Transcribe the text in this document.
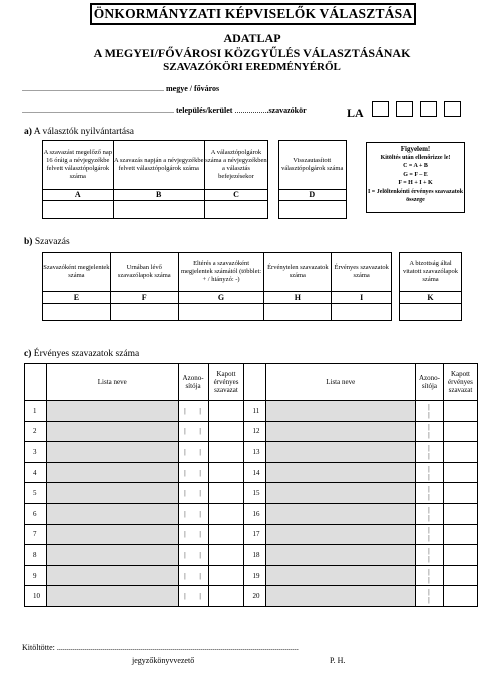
ÖNKORMÁNYZATI KÉPVISELŐK VÁLASZTÁSA
ADATLAP
A MEGYEI/FŐVÁROSI KÖZGYŰLÉS VÁLASZTÁSÁNAK
SZAVAZÓKÖRI EREDMÉNYÉRŐL
....................................................................... megye / főváros
............................................................................ település/kerület .................szavazókör	LA
a) A választók nyilvántartása
A szavazást megelőző nap 16 óráig a névjegyzékbe felvett választópolgárok száma	A szavazás napján a névjegyzékbe felvett választópolgárok száma	A választópolgárok száma a névjegyzékben a választás befejezésekor		Visszautasított választópolgárok száma
A	B	C		D

Figyelem!
Kitöltés után ellenőrizze le!
C = A + B
G = F – E
F = H + I + K
I = Jelöltenkénti érvényes szavazatok összege
b) Szavazás
Szavazóként megjelentek száma	Urnában lévő szavazólapok száma	Eltérés a szavazóként megjelentek számától (többlet: + / hiányzó: -)	Érvénytelen szavazatok száma	Érvényes szavazatok száma		A bizottság által vitatott szavazólapok száma
E	F	G	H	I		K

c) Érvényes szavazatok száma
	Lista neve	Azono-sítója	Kapott érvényes szavazat		Lista neve	Azono-sítója	Kapott érvényes szavazat
1		| |		11		| |	
2		| |		12		| |	
3		| |		13		| |	
4		| |		14		| |	
5		| |		15		| |	
6		| |		16		| |	
7		| |		17		| |	
8		| |		18		| |	
9		| |		19		| |	
10		| |		20		| |	
Kitöltötte: .........................................................................................................................
jegyzőkönyvvezető	P. H.
